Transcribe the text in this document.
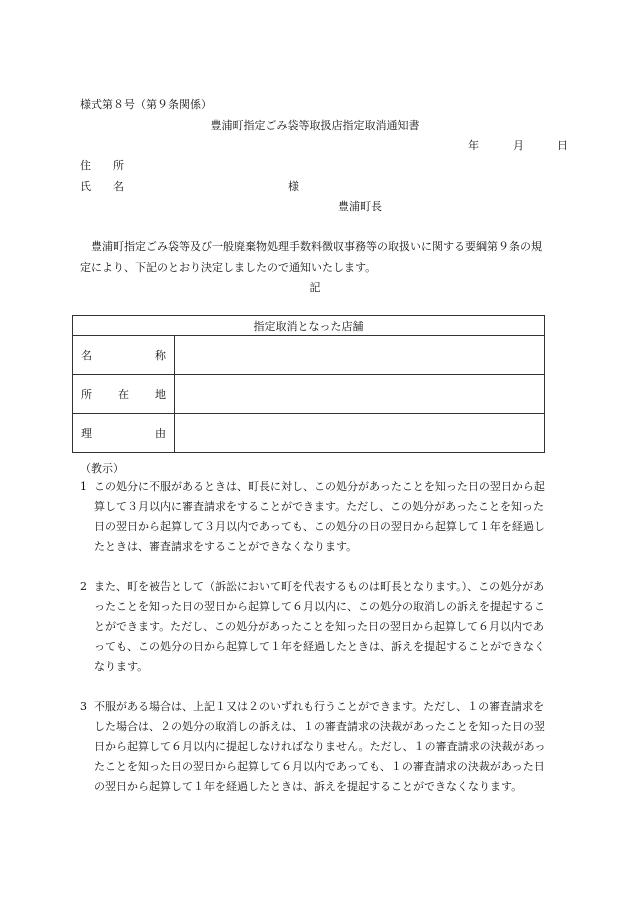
様式第８号（第９条関係）
豊浦町指定ごみ袋等取扱店指定取消通知書
年	月	日
住 所
氏 名	様
豊浦町長
豊浦町指定ごみ袋等及び一般廃棄物処理手数料徴収事務等の取扱いに関する要綱第９条の規定により、下記のとおり決定しましたので通知いたします。
記
指定取消となった店舗	

名 称	

所 在 地	

理 由	

（教示）
1 この処分に不服があるときは、町長に対し、この処分があったことを知った日の翌日から起算して３月以内に審査請求をすることができます。ただし、この処分があったことを知った日の翌日から起算して３月以内であっても、この処分の日の翌日から起算して１年を経過したときは、審査請求をすることができなくなります。
2 また、町を被告として（訴訟において町を代表するものは町長となります。）、この処分があったことを知った日の翌日から起算して６月以内に、この処分の取消しの訴えを提起することができます。ただし、この処分があったことを知った日の翌日から起算して６月以内であっても、この処分の日から起算して１年を経過したときは、訴えを提起することができなくなります。
3 不服がある場合は、上記１又は２のいずれも行うことができます。ただし、１の審査請求をした場合は、２の処分の取消しの訴えは、１の審査請求の決裁があったことを知った日の翌日から起算して６月以内に提起しなければなりません。ただし、１の審査請求の決裁があったことを知った日の翌日から起算して６月以内であっても、１の審査請求の決裁があった日の翌日から起算して１年を経過したときは、訴えを提起することができなくなります。
